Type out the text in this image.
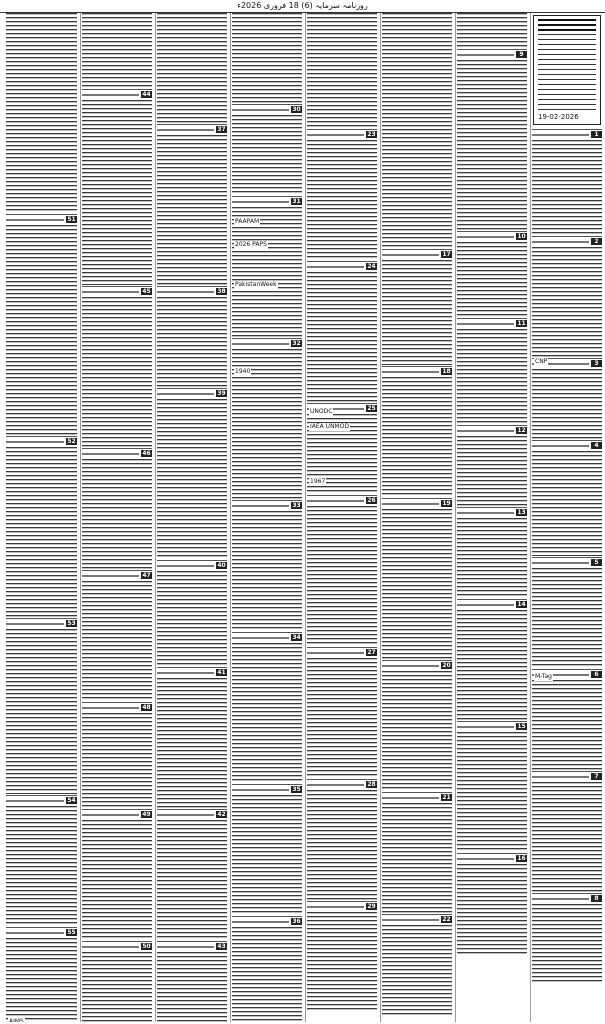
روزنامہ سرمایہ (6) 18 فروری 2026ء
19-02-2026
1
2
3
4
5
6
7
8
M-Tag
CNP
9
10
11
12
13
14
15
16
17
18
19
20
21
22
23
24
25
26
27
28
29
UNODC
IAEA UNMOD
1967
30
31
32
33
34
35
36
PAAPAM
2026 PAPS
PakistanWeek
1940
37
38
39
40
41
42
43
44
45
46
47
48
49
50
51
52
53
54
55
AIMS
